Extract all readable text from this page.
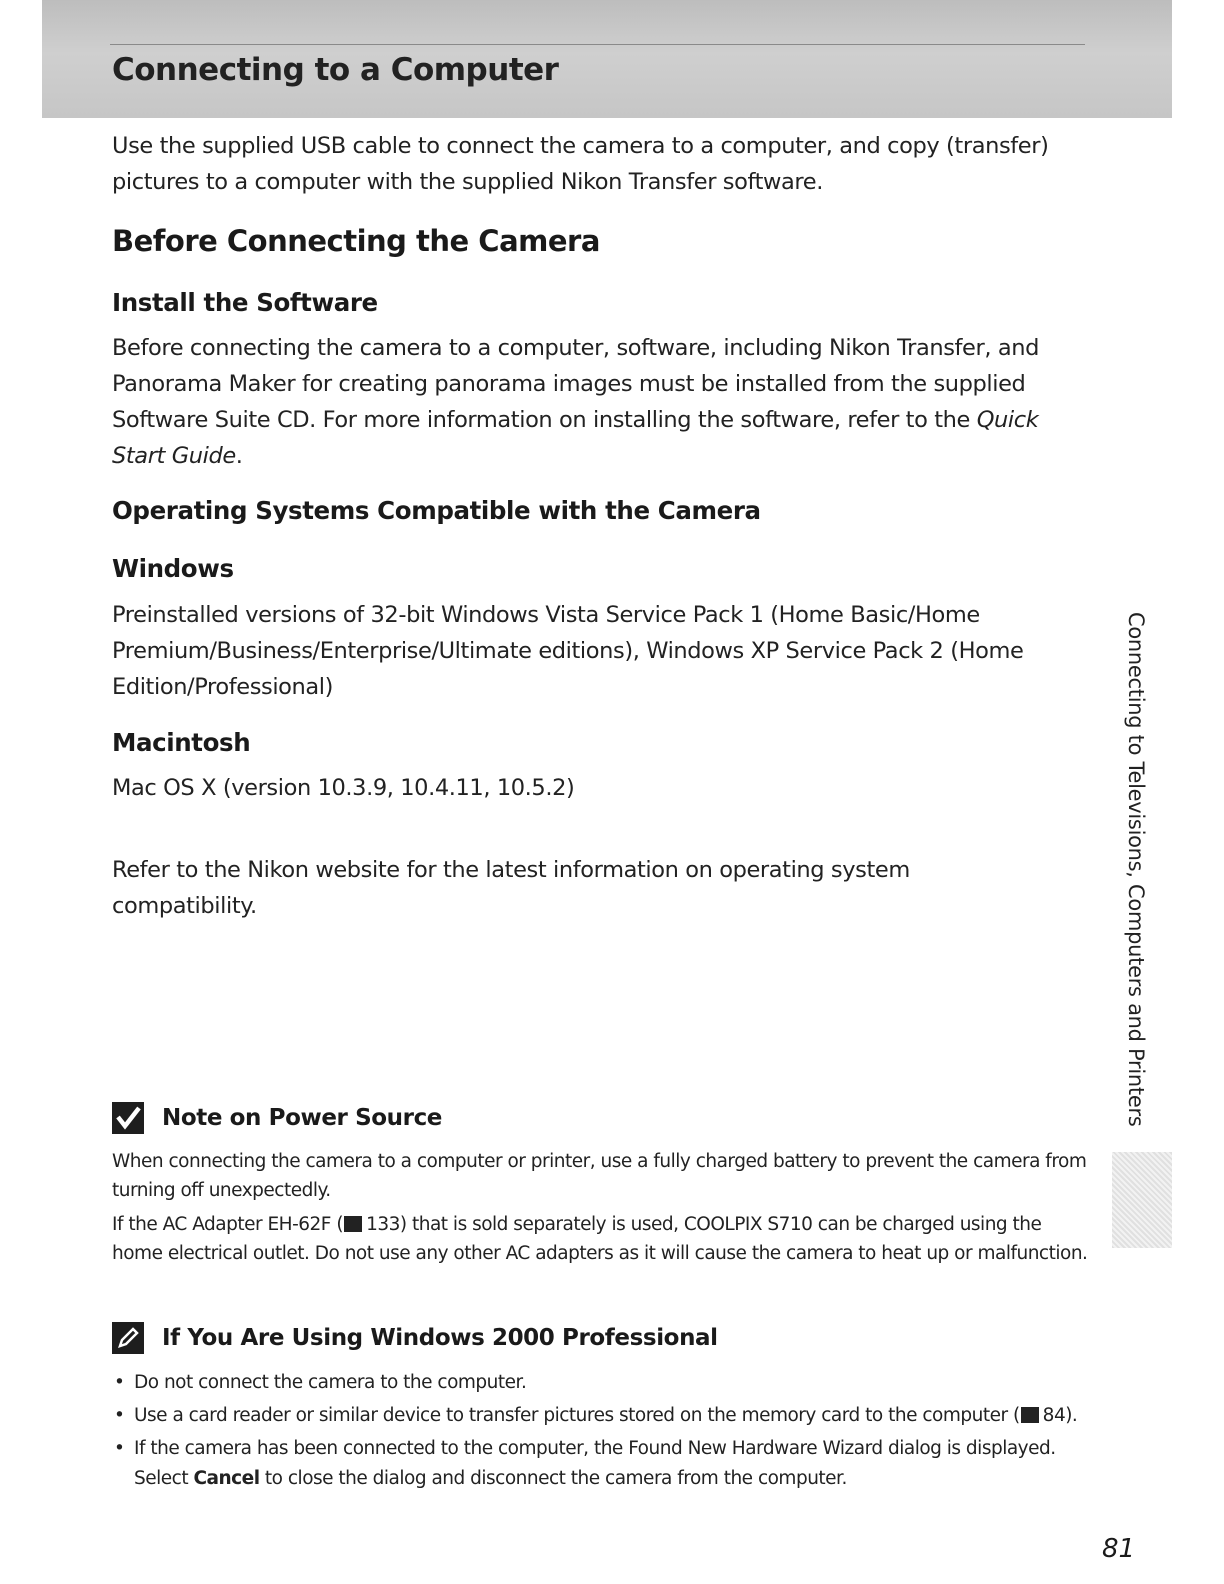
Connecting to a Computer

Use the supplied USB cable to connect the camera to a computer, and copy (transfer) pictures to a computer with the supplied Nikon Transfer software.

Before Connecting the Camera
Install the Software

Before connecting the camera to a computer, software, including Nikon Transfer, and Panorama Maker for creating panorama images must be installed from the supplied Software Suite CD. For more information on installing the software, refer to the Quick Start Guide.

Operating Systems Compatible with the Camera
Windows

Preinstalled versions of 32-bit Windows Vista Service Pack 1 (Home Basic/Home Premium/Business/Enterprise/Ultimate editions), Windows XP Service Pack 2 (Home Edition/Professional)

Macintosh

Mac OS X (version 10.3.9, 10.4.11, 10.5.2)

Refer to the Nikon website for the latest information on operating system compatibility.

Note on Power Source

When connecting the camera to a computer or printer, use a fully charged battery to prevent the camera from turning off unexpectedly.

If the AC Adapter EH-62F ( 133) that is sold separately is used, COOLPIX S710 can be charged using the home electrical outlet. Do not use any other AC adapters as it will cause the camera to heat up or malfunction.

If You Are Using Windows 2000 Professional
• Do not connect the camera to the computer.
• Use a card reader or similar device to transfer pictures stored on the memory card to the computer ( 84).
• If the camera has been connected to the computer, the Found New Hardware Wizard dialog is displayed. Select Cancel to close the dialog and disconnect the camera from the computer.
Connecting to Televisions, Computers and Printers
81
